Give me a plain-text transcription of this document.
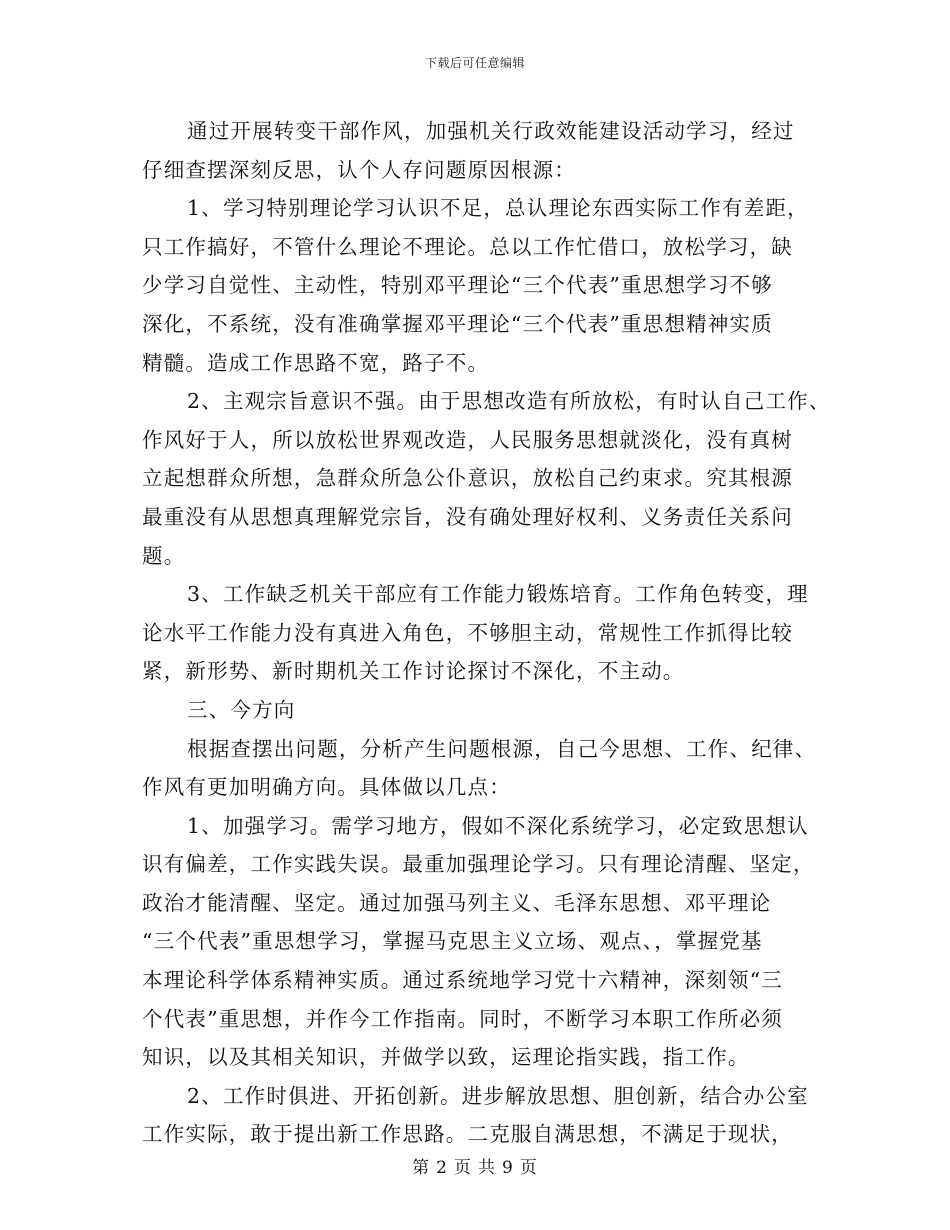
下载后可任意编辑
通过开展转变干部作风，加强机关行政效能建设活动学习，经过
仔细查摆深刻反思，认个人存问题原因根源：
1、学习特别理论学习认识不足，总认理论东西实际工作有差距，
只工作搞好，不管什么理论不理论。总以工作忙借口，放松学习，缺
少学习自觉性、主动性，特别邓平理论“三个代表”重思想学习不够
深化，不系统，没有准确掌握邓平理论“三个代表”重思想精神实质
精髓。造成工作思路不宽，路子不。
2、主观宗旨意识不强。由于思想改造有所放松，有时认自己工作、
作风好于人，所以放松世界观改造，人民服务思想就淡化，没有真树
立起想群众所想，急群众所急公仆意识，放松自己约束求。究其根源
最重没有从思想真理解党宗旨，没有确处理好权利、义务责任关系问
题。
3、工作缺乏机关干部应有工作能力锻炼培育。工作角色转变，理
论水平工作能力没有真进入角色，不够胆主动，常规性工作抓得比较
紧，新形势、新时期机关工作讨论探讨不深化，不主动。
三、今方向
根据查摆出问题，分析产生问题根源，自己今思想、工作、纪律、
作风有更加明确方向。具体做以几点：
1、加强学习。需学习地方，假如不深化系统学习，必定致思想认
识有偏差，工作实践失误。最重加强理论学习。只有理论清醒、坚定，
政治才能清醒、坚定。通过加强马列主义、毛泽东思想、邓平理论
“三个代表”重思想学习，掌握马克思主义立场、观点、，掌握党基
本理论科学体系精神实质。通过系统地学习党十六精神，深刻领“三
个代表”重思想，并作今工作指南。同时，不断学习本职工作所必须
知识，以及其相关知识，并做学以致，运理论指实践，指工作。
2、工作时俱进、开拓创新。进步解放思想、胆创新，结合办公室
工作实际，敢于提出新工作思路。二克服自满思想，不满足于现状，
第 2 页 共 9 页
